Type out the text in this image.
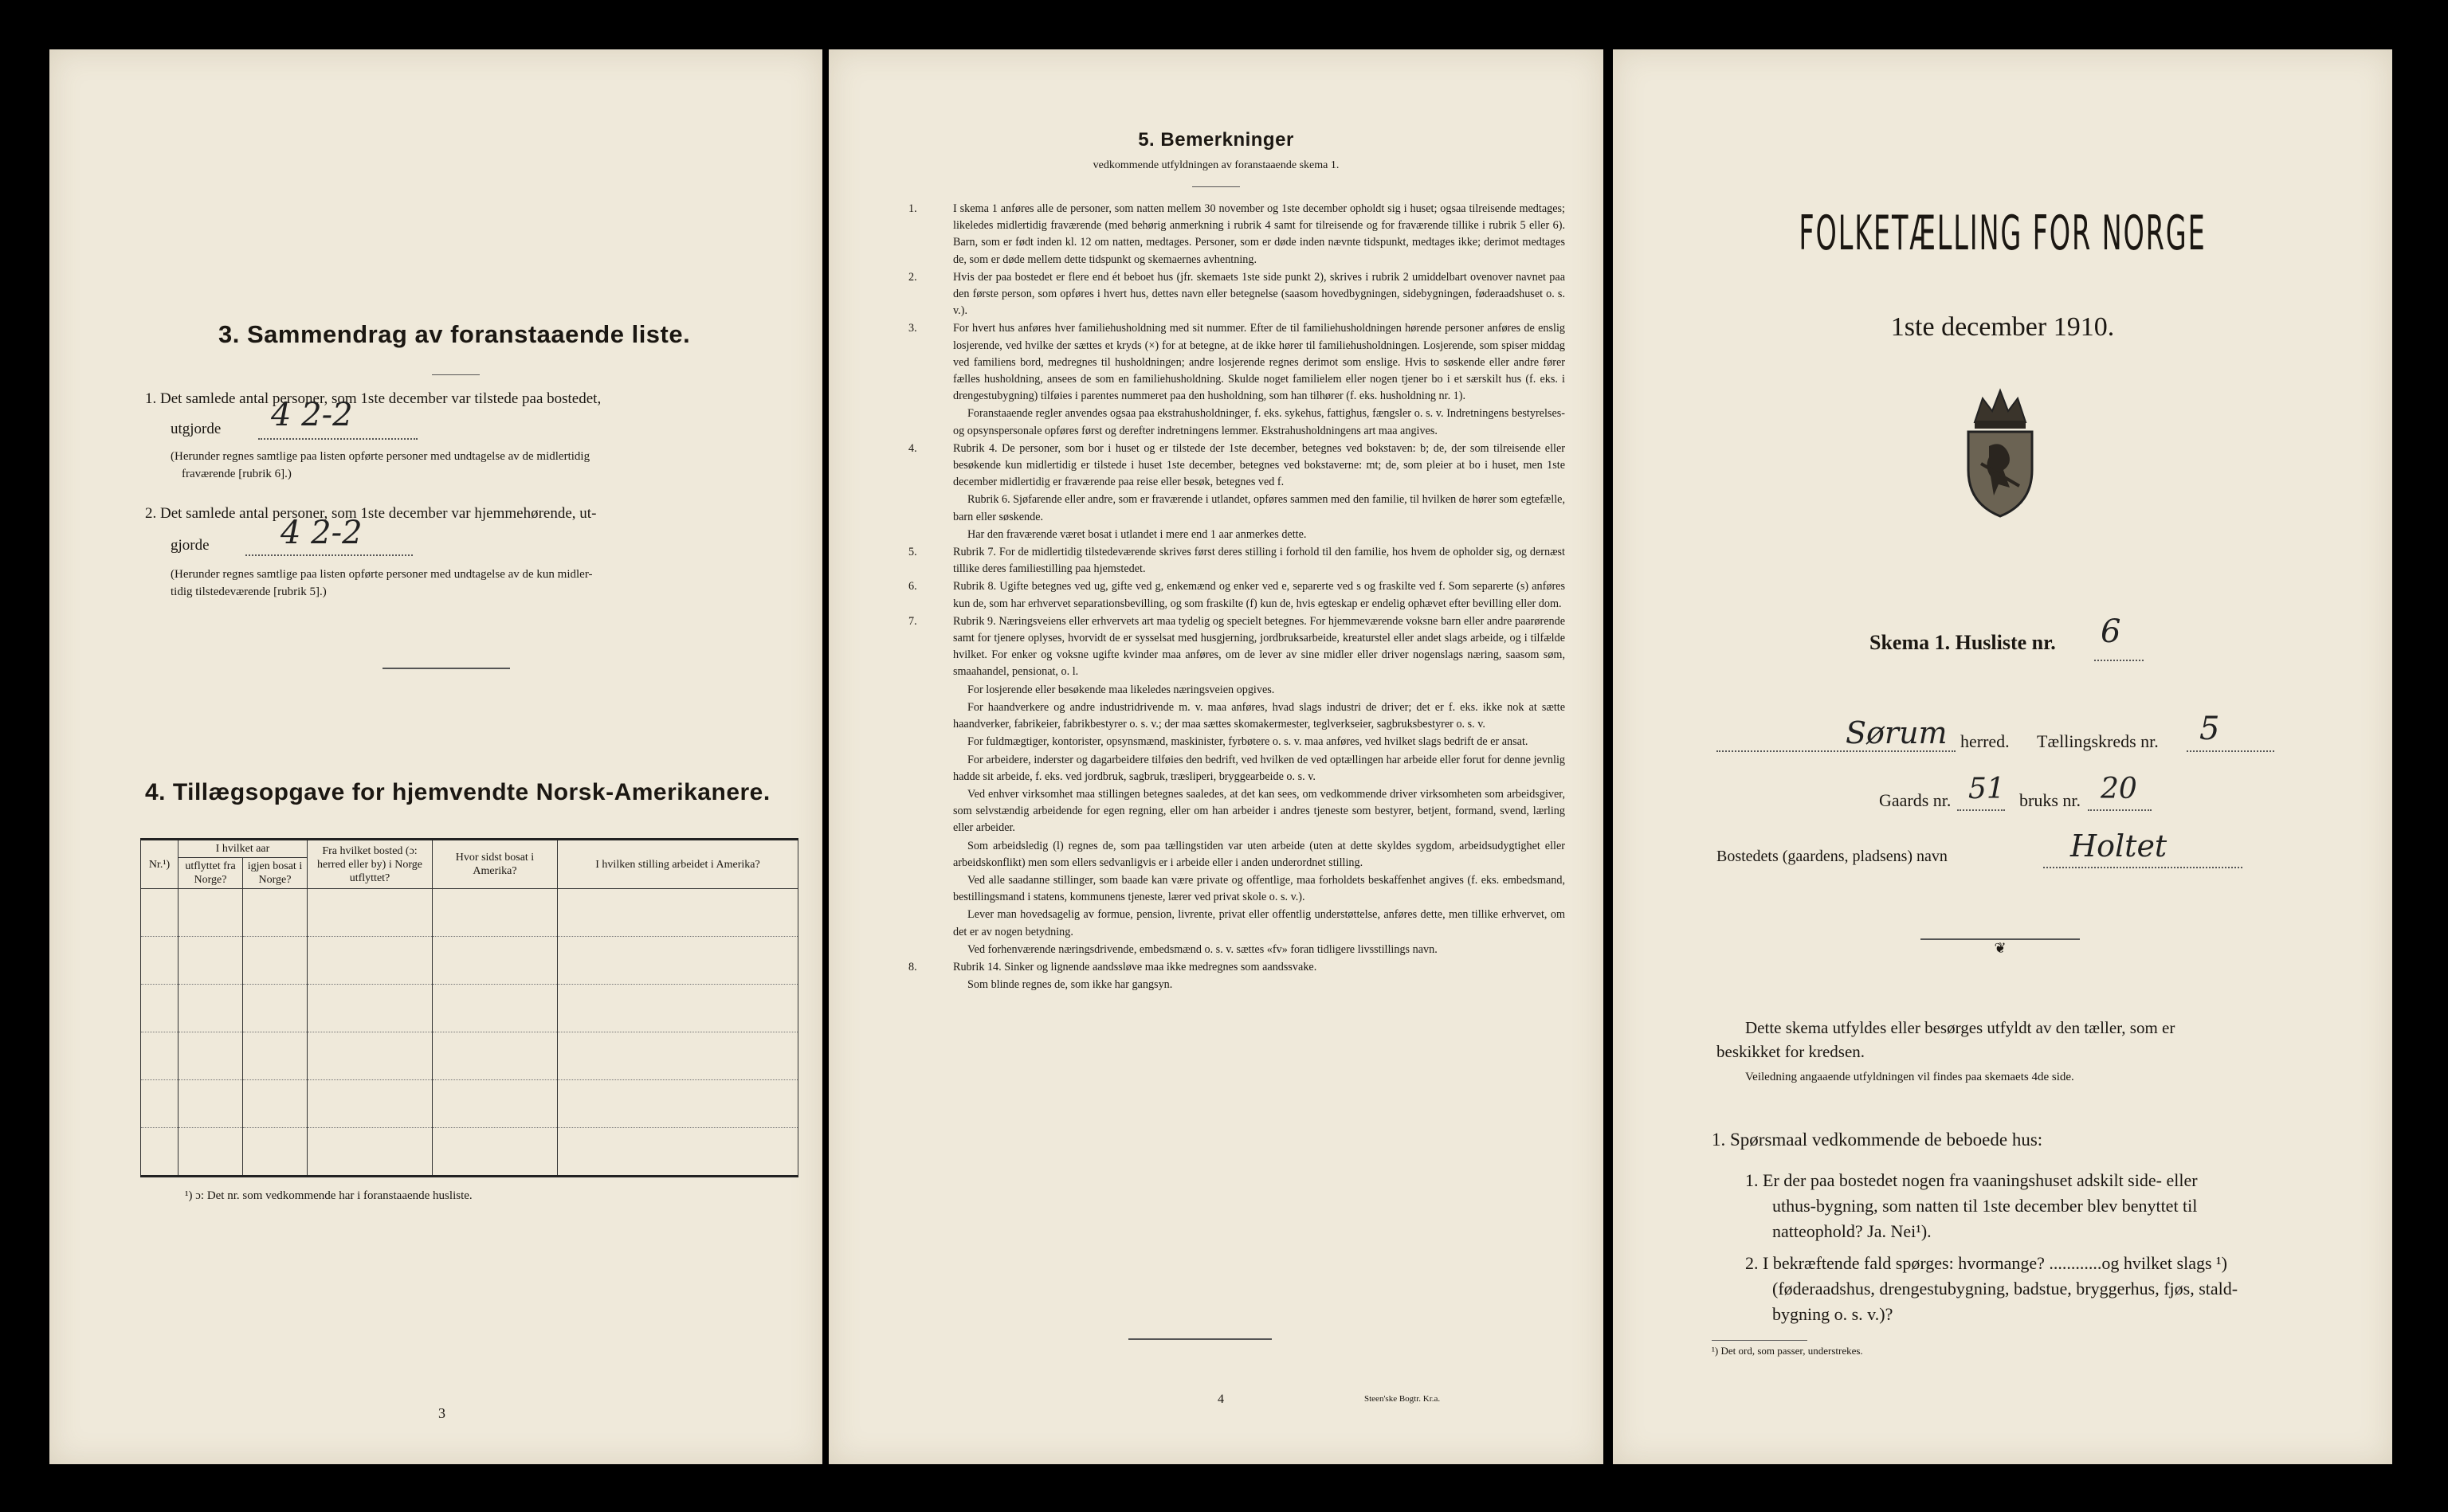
3. Sammendrag av foranstaaende liste.
1. Det samlede antal personer, som 1ste december var tilstede paa bostedet,
utgjorde 4 2-2
(Herunder regnes samtlige paa listen opførte personer med undtagelse av de midlertidig
fraværende [rubrik 6].)
2. Det samlede antal personer, som 1ste december var hjemmehørende, ut-
gjorde 4 2-2
(Herunder regnes samtlige paa listen opførte personer med undtagelse av de kun midler-
tidig tilstedeværende [rubrik 5].)
4. Tillægsopgave for hjemvendte Norsk-Amerikanere.
Nr.¹)	I hvilket aar		Fra hvilket bosted (ɔ: herred eller by) i Norge utflyttet?	Hvor sidst bosat i Amerika?	I hvilken stilling arbeidet i Amerika?
	utflyttet fra Norge?	igjen bosat i Norge?			

¹) ɔ: Det nr. som vedkommende har i foranstaaende husliste.
3
5. Bemerkninger
vedkommende utfyldningen av foranstaaende skema 1.

1.	I skema 1 anføres alle de personer, som natten mellem 30 november og 1ste december opholdt sig i huset; ogsaa tilreisende medtages; likeledes midlertidig fraværende (med behørig anmerkning i rubrik 4 samt for tilreisende og for fraværende tillike i rubrik 5 eller 6). Barn, som er født inden kl. 12 om natten, medtages. Personer, som er døde inden nævnte tidspunkt, medtages ikke; derimot medtages de, som er døde mellem dette tidspunkt og skemaernes avhentning.

2.	Hvis der paa bostedet er flere end ét beboet hus (jfr. skemaets 1ste side punkt 2), skrives i rubrik 2 umiddelbart ovenover navnet paa den første person, som opføres i hvert hus, dettes navn eller betegnelse (saasom hovedbygningen, sidebygningen, føderaadshuset o. s. v.).

3.	For hvert hus anføres hver familiehusholdning med sit nummer. Efter de til familiehusholdningen hørende personer anføres de enslig losjerende, ved hvilke der sættes et kryds (×) for at betegne, at de ikke hører til familiehusholdningen. Losjerende, som spiser middag ved familiens bord, medregnes til husholdningen; andre losjerende regnes derimot som enslige. Hvis to søskende eller andre fører fælles husholdning, ansees de som en familiehusholdning. Skulde noget familielem eller nogen tjener bo i et særskilt hus (f. eks. i drengestubygning) tilføies i parentes nummeret paa den husholdning, som han tilhører (f. eks. husholdning nr. 1).

Foranstaaende regler anvendes ogsaa paa ekstrahusholdninger, f. eks. sykehus, fattighus, fængsler o. s. v. Indretningens bestyrelses- og opsynspersonale opføres først og derefter indretningens lemmer. Ekstrahusholdningens art maa angives.

4.	Rubrik 4. De personer, som bor i huset og er tilstede der 1ste december, betegnes ved bokstaven: b; de, der som tilreisende eller besøkende kun midlertidig er tilstede i huset 1ste december, betegnes ved bokstaverne: mt; de, som pleier at bo i huset, men 1ste december midlertidig er fraværende paa reise eller besøk, betegnes ved f.

Rubrik 6. Sjøfarende eller andre, som er fraværende i utlandet, opføres sammen med den familie, til hvilken de hører som egtefælle, barn eller søskende.

Har den fraværende været bosat i utlandet i mere end 1 aar anmerkes dette.

5.	Rubrik 7. For de midlertidig tilstedeværende skrives først deres stilling i forhold til den familie, hos hvem de opholder sig, og dernæst tillike deres familiestilling paa hjemstedet.

6.	Rubrik 8. Ugifte betegnes ved ug, gifte ved g, enkemænd og enker ved e, separerte ved s og fraskilte ved f. Som separerte (s) anføres kun de, som har erhvervet separationsbevilling, og som fraskilte (f) kun de, hvis egteskap er endelig ophævet efter bevilling eller dom.

7.	Rubrik 9. Næringsveiens eller erhvervets art maa tydelig og specielt betegnes. For hjemmeværende voksne barn eller andre paarørende samt for tjenere oplyses, hvorvidt de er sysselsat med husgjerning, jordbruksarbeide, kreaturstel eller andet slags arbeide, og i tilfælde hvilket. For enker og voksne ugifte kvinder maa anføres, om de lever av sine midler eller driver nogenslags næring, saasom søm, smaahandel, pensionat, o. l.

For losjerende eller besøkende maa likeledes næringsveien opgives.

For haandverkere og andre industridrivende m. v. maa anføres, hvad slags industri de driver; det er f. eks. ikke nok at sætte haandverker, fabrikeier, fabrikbestyrer o. s. v.; der maa sættes skomakermester, teglverkseier, sagbruksbestyrer o. s. v.

For fuldmægtiger, kontorister, opsynsmænd, maskinister, fyrbøtere o. s. v. maa anføres, ved hvilket slags bedrift de er ansat.

For arbeidere, inderster og dagarbeidere tilføies den bedrift, ved hvilken de ved optællingen har arbeide eller forut for denne jevnlig hadde sit arbeide, f. eks. ved jordbruk, sagbruk, træsliperi, bryggearbeide o. s. v.

Ved enhver virksomhet maa stillingen betegnes saaledes, at det kan sees, om vedkommende driver virksomheten som arbeidsgiver, som selvstændig arbeidende for egen regning, eller om han arbeider i andres tjeneste som bestyrer, betjent, formand, svend, lærling eller arbeider.

Som arbeidsledig (l) regnes de, som paa tællingstiden var uten arbeide (uten at dette skyldes sygdom, arbeidsudygtighet eller arbeidskonflikt) men som ellers sedvanligvis er i arbeide eller i anden underordnet stilling.

Ved alle saadanne stillinger, som baade kan være private og offentlige, maa forholdets beskaffenhet angives (f. eks. embedsmand, bestillingsmand i statens, kommunens tjeneste, lærer ved privat skole o. s. v.).

Lever man hovedsagelig av formue, pension, livrente, privat eller offentlig understøttelse, anføres dette, men tillike erhvervet, om det er av nogen betydning.

Ved forhenværende næringsdrivende, embedsmænd o. s. v. sættes «fv» foran tidligere livsstillings navn.

8.	Rubrik 14. Sinker og lignende aandssløve maa ikke medregnes som aandssvake.

Som blinde regnes de, som ikke har gangsyn.

4	Steen'ske Bogtr. Kr.a.
FOLKETÆLLING FOR NORGE
1ste december 1910.
Skema 1. Husliste nr. 6
Sørum herred. Tællingskreds nr. 5
Gaards nr. 51 bruks nr. 20
Bostedets (gaardens, pladsens) navn	Holtet
❦
Dette skema utfyldes eller besørges utfyldt av den tæller, som er
beskikket for kredsen.
Veiledning angaaende utfyldningen vil findes paa skemaets 4de side.
1. Spørsmaal vedkommende de beboede hus:
1. Er der paa bostedet nogen fra vaaningshuset adskilt side- eller
uthus-bygning, som natten til 1ste december blev benyttet til
natteophold? Ja. Nei¹).
2. I bekræftende fald spørges: hvormange? ............og hvilket slags ¹)
(føderaadshus, drengestubygning, badstue, bryggerhus, fjøs, stald-
bygning o. s. v.)?
¹) Det ord, som passer, understrekes.
